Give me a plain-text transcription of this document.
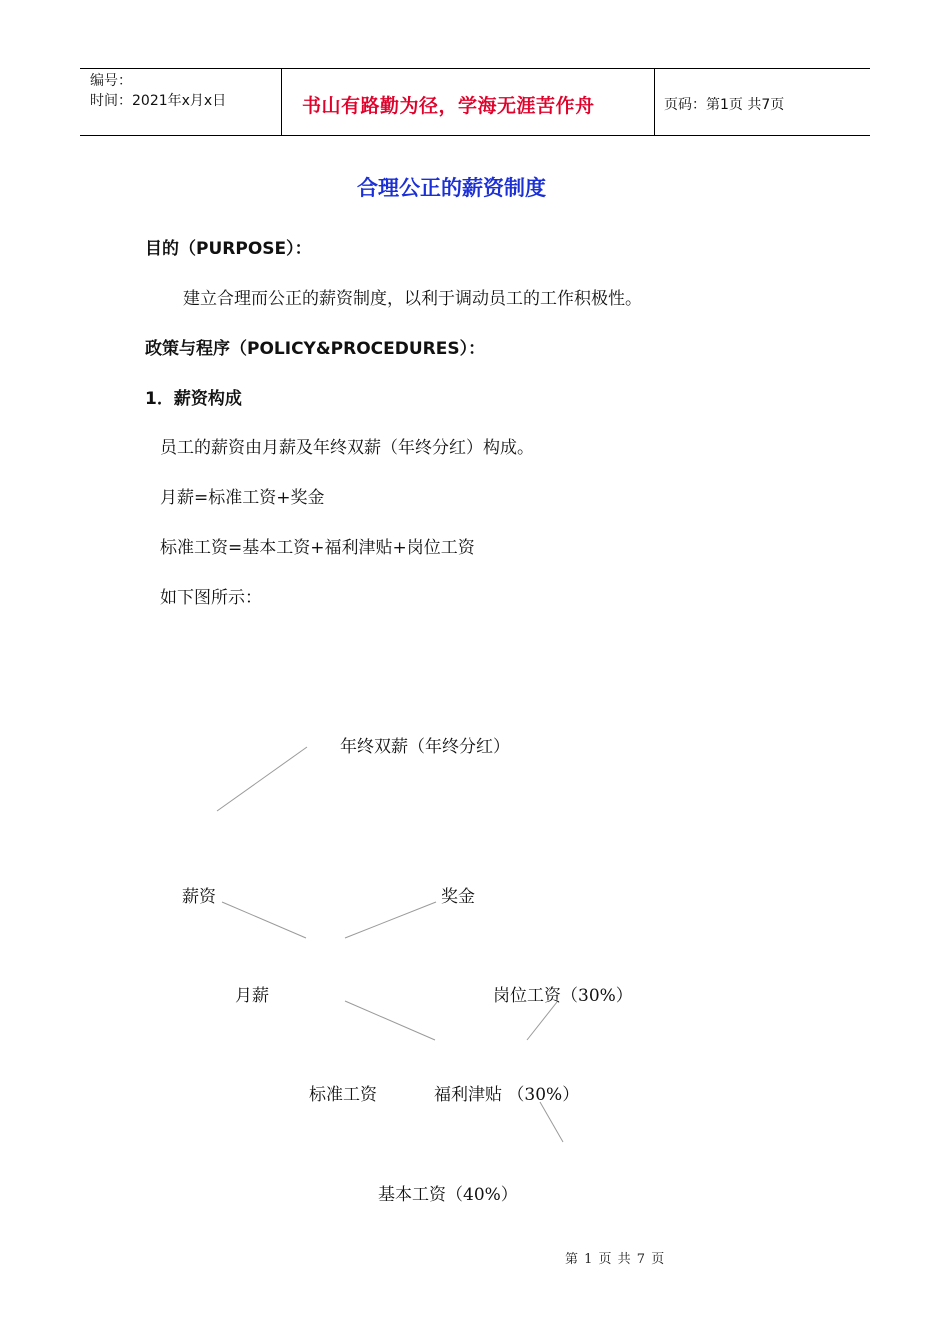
编号：
时间：2021年x月x日	书山有路勤为径，学海无涯苦作舟	页码：第1页 共7页
合理公正的薪资制度
目的（PURPOSE）：
建立合理而公正的薪资制度，以利于调动员工的工作积极性。
政策与程序（POLICY&PROCEDURES）：
1．薪资构成
员工的薪资由月薪及年终双薪（年终分红）构成。
月薪=标准工资+奖金
标准工资=基本工资+福利津贴+岗位工资
如下图所示：
年终双薪（年终分红）
薪资	奖金
月薪	岗位工资（30%）
标准工资	福利津贴 （30%）
基本工资（40%）
第 1 页 共 7 页
